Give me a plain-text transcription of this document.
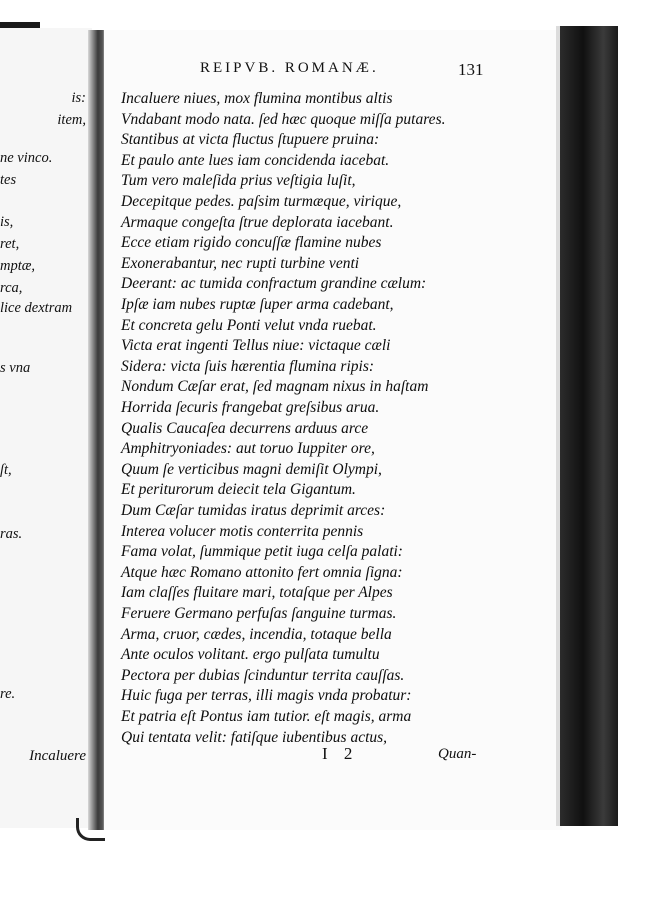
is:
item,
ne vinco.
tes
is,
ret,
mptæ,
rca,
lice dextram
s vna
ſt,
ras.
re.
Incaluere
REIPVB. ROMANÆ.	131
Incaluere niues, mox flumina montibus altis
Vndabant modo nata. ſed hæc quoque miſſa putares.
Stantibus at victa fluctus ſtupuere pruina:
Et paulo ante lues iam concidenda iacebat.
Tum vero maleſida prius veſtigia luſit,
Decepitque pedes. paſsim turmæque, virique,
Armaque congeſta ſtrue deplorata iacebant.
Ecce etiam rigido concuſſæ flamine nubes
Exonerabantur, nec rupti turbine venti
Deerant: ac tumida confractum grandine cælum:
Ipſæ iam nubes ruptæ ſuper arma cadebant,
Et concreta gelu Ponti velut vnda ruebat.
Victa erat ingenti Tellus niue: victaque cæli
Sidera: victa ſuis hærentia flumina ripis:
Nondum Cæſar erat, ſed magnam nixus in haſtam
Horrida ſecuris frangebat greſsibus arua.
Qualis Caucaſea decurrens arduus arce
Amphitryoniades: aut toruo Iuppiter ore,
Quum ſe verticibus magni demiſit Olympi,
Et periturorum deiecit tela Gigantum.
Dum Cæſar tumidas iratus deprimit arces:
Interea volucer motis conterrita pennis
Fama volat, ſummique petit iuga celſa palati:
Atque hæc Romano attonito fert omnia ſigna:
Iam claſſes fluitare mari, totaſque per Alpes
Feruere Germano perfuſas ſanguine turmas.
Arma, cruor, cædes, incendia, totaque bella
Ante oculos volitant. ergo pulſata tumultu
Pectora per dubias ſcinduntur territa cauſſas.
Huic fuga per terras, illi magis vnda probatur:
Et patria eſt Pontus iam tutior. eſt magis, arma
Qui tentata velit: fatiſque iubentibus actus,
I 2	Quan-
